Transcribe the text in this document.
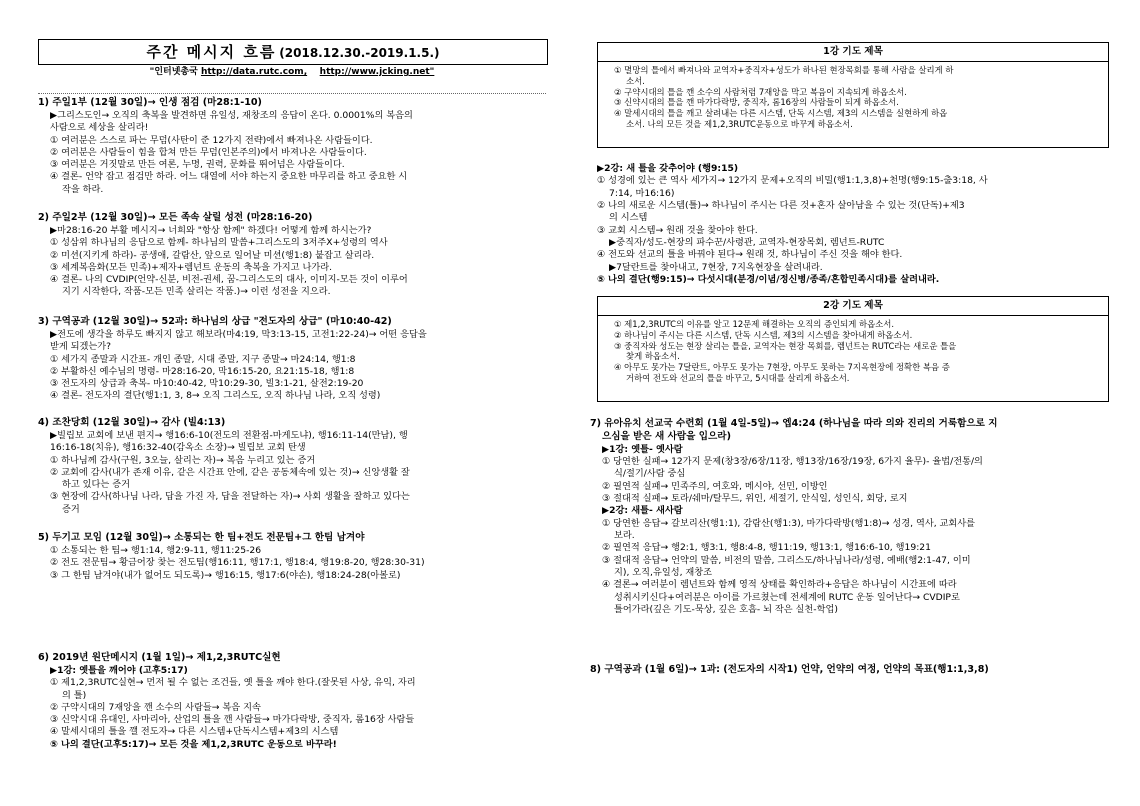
주간 메시지 흐름 (2018.12.30.-2019.1.5.)
"인터넷총국 http://data.rutc.com, http://www.jcking.net"
1) 주일1부 (12월 30일)→ 인생 점검 (마28:1-10)
▶그리스도인→ 오직의 축복을 발견하면 유일성, 재창조의 응답이 온다. 0.0001%의 복음의
사람으로 세상을 살리라!
① 여러분은 스스로 파는 무덤(사탄이 준 12가지 전략)에서 빠져나온 사람들이다.
② 여러분은 사람들이 힘을 합쳐 만든 무덤(인본주의)에서 바져나온 사람들이다.
③ 여러분은 거짓말로 만든 여론, 누명, 권력, 문화를 뛰어넘은 사람들이다.
④ 결론- 언약 잡고 점검만 하라. 어느 대열에 서야 하는지 중요한 마무리를 하고 중요한 시
작을 하라.
2) 주일2부 (12월 30일)→ 모든 족속 살릴 성전 (마28:16-20)
▶마28:16-20 부활 메시지→ 너희와 "항상 함께" 하겠다! 어떻게 함께 하시는가?
① 성삼위 하나님의 응답으로 함께- 하나님의 말씀+그리스도의 3저주X+성령의 역사
② 미션(지키게 하라)- 공생애, 갈람산, 앞으로 일어날 미션(행1:8) 붙잡고 살리라.
③ 세계복음화(모든 민족)+제자+렘넌트 운동의 축복을 가지고 나가라.
④ 결론- 나의 CVDIP(언약-신분, 비전-권세, 꿈-그리스도의 대사, 이미지-모든 것이 이루어
지기 시작한다, 작품-모든 민족 살리는 작품.)→ 이런 성전을 지으라.
3) 구역공과 (12월 30일)→ 52과: 하나님의 상급 "전도자의 상급" (마10:40-42)
▶전도에 생각을 하루도 빠지지 않고 해보라(마4:19, 막3:13-15, 고전1:22-24)→ 어떤 응답을
받게 되겠는가?
① 세가지 종말과 시간표- 개인 종말, 시대 종말, 지구 종말→ 마24:14, 행1:8
② 부활하신 예수님의 명령- 마28:16-20, 막16:15-20, 요21:15-18, 행1:8
③ 전도자의 상급과 축복- 마10:40-42, 막10:29-30, 빌3:1-21, 살전2:19-20
④ 결론- 전도자의 결단(행1:1, 3, 8→ 오직 그리스도, 오직 하나님 나라, 오직 성령)
4) 조찬당회 (12월 30일)→ 감사 (빌4:13)
▶빌립보 교회에 보낸 편지→ 행16:6-10(전도의 전환점-마게도냐), 행16:11-14(만남), 행
16:16-18(치유), 행16:32-40(감옥소 소장)→ 빌립보 교회 탄생
① 하나님께 감사(구원, 3오늘, 살리는 자)→ 복음 누리고 있는 증거
② 교회에 감사(내가 존재 이유, 같은 시간표 안에, 같은 공동체속에 있는 것)→ 신앙생활 잘
하고 있다는 증거
③ 현장에 감사(하나님 나라, 답을 가진 자, 답을 전달하는 자)→ 사회 생활을 잘하고 있다는
증거
5) 두기고 모임 (12월 30일)→ 소통되는 한 팀+전도 전문팀+그 한팀 남겨야
① 소통되는 한 팀→ 행1:14, 행2:9-11, 행11:25-26
② 전도 전문팀→ 황금어장 찾는 전도팀(행16:11, 행17:1, 행18:4, 행19:8-20, 행28:30-31)
③ 그 한팀 남겨야(내가 없어도 되도록)→ 행16:15, 행17:6(야손), 행18:24-28(아볼로)
6) 2019년 원단메시지 (1월 1일)→ 제1,2,3RUTC실현
▶1강: 옛틀을 깨어야 (고후5:17)
① 제1,2,3RUTC실현→ 먼저 될 수 없는 조건들, 옛 틀을 깨야 한다.(잘못된 사상, 유익, 자리
의 틀)
② 구약시대의 7재앙을 깬 소수의 사람들→ 복음 지속
③ 신약시대 유대인, 사마리아, 산업의 틀을 깬 사람들→ 마가다락방, 중직자, 롬16장 사람들
④ 말세시대의 틀을 깰 전도자→ 다른 시스템+단독시스템+제3의 시스템
⑤ 나의 결단(고후5:17)→ 모든 것을 제1,2,3RUTC 운동으로 바꾸라!
1강 기도 제목
① 멸망의 틀에서 빠져나와 교역자+중직자+성도가 하나된 현장목회를 통해 사람을 살리게 하
소서.
② 구약시대의 틀을 깬 소수의 사람처럼 7재앙을 막고 복음이 지속되게 하옵소서.
③ 신약시대의 틀을 깬 마가다락방, 중직자, 롬16장의 사람들이 되게 하옵소서.
④ 말세시대의 틀을 깨고 살려내는 다른 시스템, 단독 시스템, 제3의 시스템을 실현하게 하옵
소서. 나의 모든 것을 제1,2,3RUTC운동으로 바꾸게 하옵소서.
▶2강: 새 틀을 갖추어야 (행9:15)
① 성경에 있는 큰 역사 세가지→ 12가지 문제+오직의 비밀(행1:1,3,8)+천명(행9:15-출3:18, 사
7:14, 마16:16)
② 나의 새로운 시스템(틀)→ 하나님이 주시는 다른 것+혼자 살아남을 수 있는 것(단독)+제3
의 시스템
③ 교회 시스템→ 원래 것을 찾아야 한다.
▶중직자/성도-현장의 파수꾼/사령관, 교역자-현장목회, 렘넌트-RUTC
④ 전도와 선교의 틀을 바꿔야 된다→ 원래 것, 하나님이 주신 것을 해야 한다.
▶7달란트를 찾아내고, 7현장, 7지옥현장을 살려내라.
⑤ 나의 결단(행9:15)→ 다섯시대(분경/이념/정신병/종족/혼합민족시대)를 살려내라.
2강 기도 제목
① 제1,2,3RUTC의 이유를 알고 12문제 해결하는 오직의 증인되게 하옵소서.
② 하나님이 주시는 다른 시스템, 단독 시스템, 제3의 시스템을 찾아내게 하옵소서.
③ 중직자와 성도는 현장 살리는 틀을, 교역자는 현장 목회를, 렘넌트는 RUTC라는 새로운 틀을
찾게 하옵소서.
④ 아무도 못가는 7달란트, 아무도 못가는 7현장, 아무도 못하는 7지옥현장에 정확한 복음 증
거하여 전도와 선교의 틀을 바꾸고, 5시대를 살리게 하옵소서.
7) 유아유치 선교국 수련회 (1월 4일-5일)→ 엡4:24 (하나님을 따라 의와 진리의 거룩함으로 지
으심을 받은 새 사람을 입으라)
▶1강: 옛틀- 옛사람
① 당연한 실패→ 12가지 문제(창3장/6장/11장, 행13장/16장/19장, 6가지 율무)- 율법/전통/의
식/절기/사람 중심
② 필연적 실패→ 민족주의, 여호와, 메시야, 선민, 이방인
③ 절대적 실패→ 토라/쉐마/탈무드, 위인, 세절기, 안식일, 성인식, 회당, 로지
▶2강: 새틀- 새사람
① 당연한 응답→ 갈보리산(행1:1), 감람산(행1:3), 마가다락방(행1:8)→ 성경, 역사, 교회사를
보라.
② 필연적 응답→ 행2:1, 행3:1, 행8:4-8, 행11:19, 행13:1, 행16:6-10, 행19:21
③ 절대적 응답→ 언약의 말씀, 비전의 말씀, 그리스도/하나님나라/성령, 예배(행2:1-47, 이미
지), 오직,유일성, 재창조
④ 결론→ 여러분이 렘넌트와 함께 영적 상태를 확인하라+응답은 하나님이 시간표에 따라
성취시키신다+여러분은 아이를 가르쳤는데 전세계에 RUTC 운동 일어난다→ CVDIP로
틀어가라(깊은 기도-묵상, 깊은 호흡- 뇌 작은 실천-학업)
8) 구역공과 (1월 6일)→ 1과: (전도자의 시작1) 언약, 언약의 여정, 언약의 목표(행1:1,3,8)
